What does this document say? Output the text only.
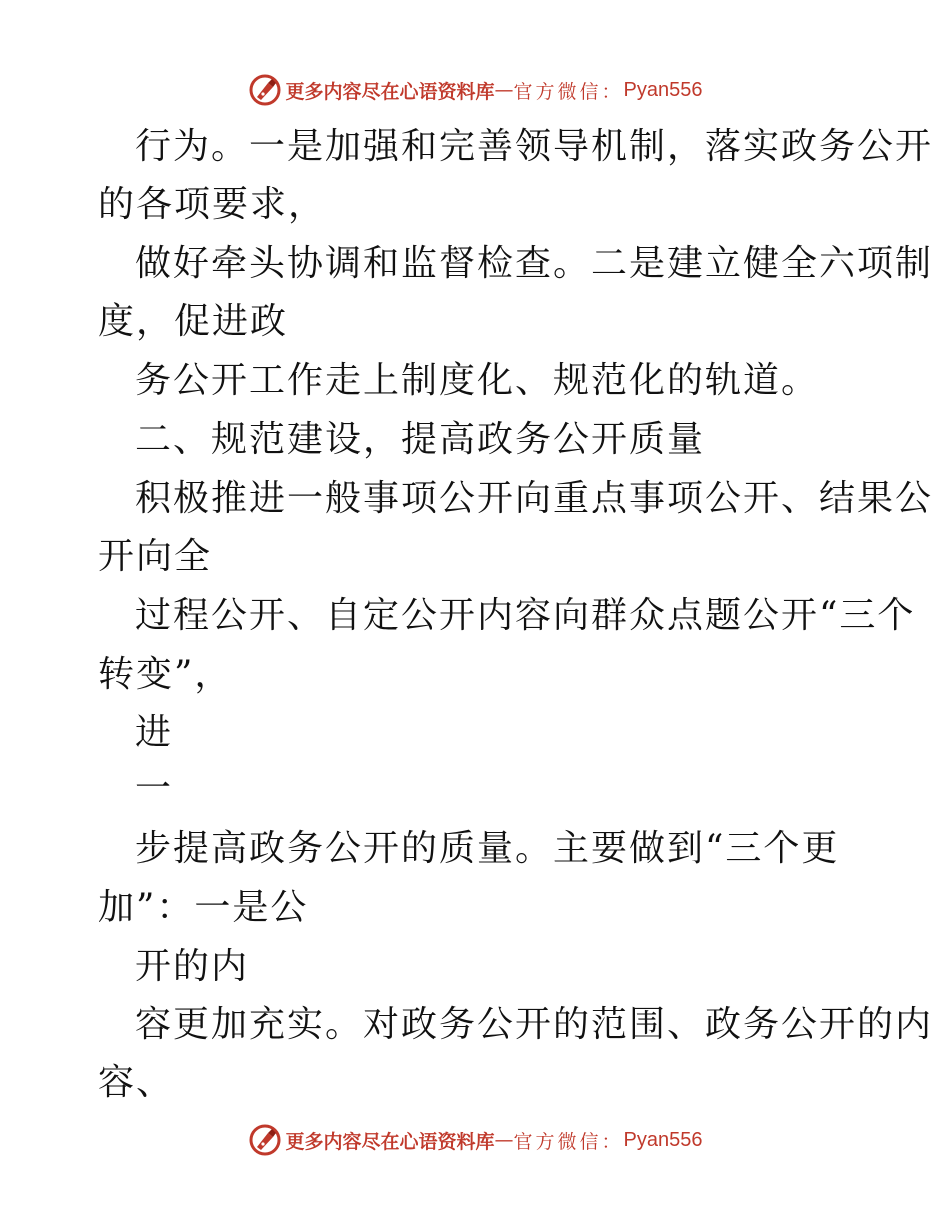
更多内容尽在心语资料库 — 官方微信： Pyan556
行为。一是加强和完善领导机制，落实政务公开
的各项要求，
做好牵头协调和监督检查。二是建立健全六项制
度，促进政
务公开工作走上制度化、规范化的轨道。
二、规范建设，提高政务公开质量
积极推进一般事项公开向重点事项公开、结果公
开向全
过程公开、自定公开内容向群众点题公开“三个
转变”，
进
一
步提高政务公开的质量。主要做到“三个更
加”：一是公
开的内
容更加充实。对政务公开的范围、政务公开的内
容、
更多内容尽在心语资料库 — 官方微信： Pyan556
